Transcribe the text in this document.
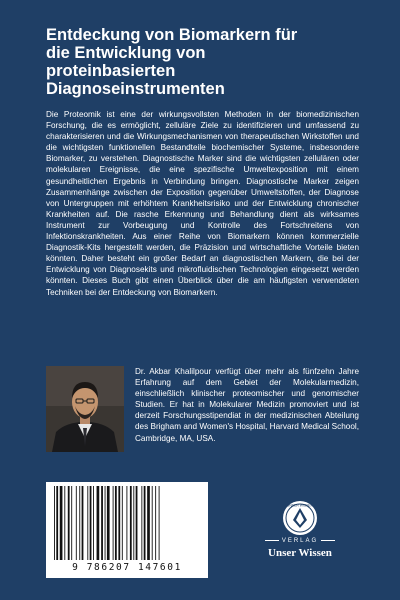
Entdeckung von Biomarkern für
die Entwicklung von
proteinbasierten
Diagnoseinstrumenten

Die Proteomik ist eine der wirkungsvollsten Methoden in der biomedizinischen Forschung, die es ermöglicht, zelluläre Ziele zu identifizieren und umfassend zu charakterisieren und die Wirkungsmechanismen von therapeutischen Wirkstoffen und die wichtigsten funktionellen Bestandteile biochemischer Systeme, insbesondere Biomarker, zu verstehen. Diagnostische Marker sind die wichtigsten zellulären oder molekularen Ereignisse, die eine spezifische Umweltexposition mit einem gesundheitlichen Ergebnis in Verbindung bringen. Diagnostische Marker zeigen Zusammenhänge zwischen der Exposition gegenüber Umweltstoffen, der Diagnose von Untergruppen mit erhöhtem Krankheitsrisiko und der Entwicklung chronischer Krankheiten auf. Die rasche Erkennung und Behandlung dient als wirksames Instrument zur Vorbeugung und Kontrolle des Fortschreitens von Infektionskrankheiten. Aus einer Reihe von Biomarkern können kommerzielle Diagnostik-Kits hergestellt werden, die Präzision und wirtschaftliche Vorteile bieten könnten. Daher besteht ein großer Bedarf an diagnostischen Markern, die bei der Entwicklung von Diagnosekits und mikrofluidischen Technologien eingesetzt werden könnten. Dieses Buch gibt einen Überblick über die am häufigsten verwendeten Techniken bei der Entdeckung von Biomarkern.

Dr. Akbar Khalilpour verfügt über mehr als fünfzehn Jahre Erfahrung auf dem Gebiet der Molekularmedizin, einschließlich klinischer proteomischer und genomischer Studien. Er hat in Molekularer Medizin promoviert und ist derzeit Forschungsstipendiat in der medizinischen Abteilung des Brigham and Women's Hospital, Harvard Medical School, Cambridge, MA, USA.

9 786207 147601
UNSER WISSEN
VERLAG
Unser Wissen
